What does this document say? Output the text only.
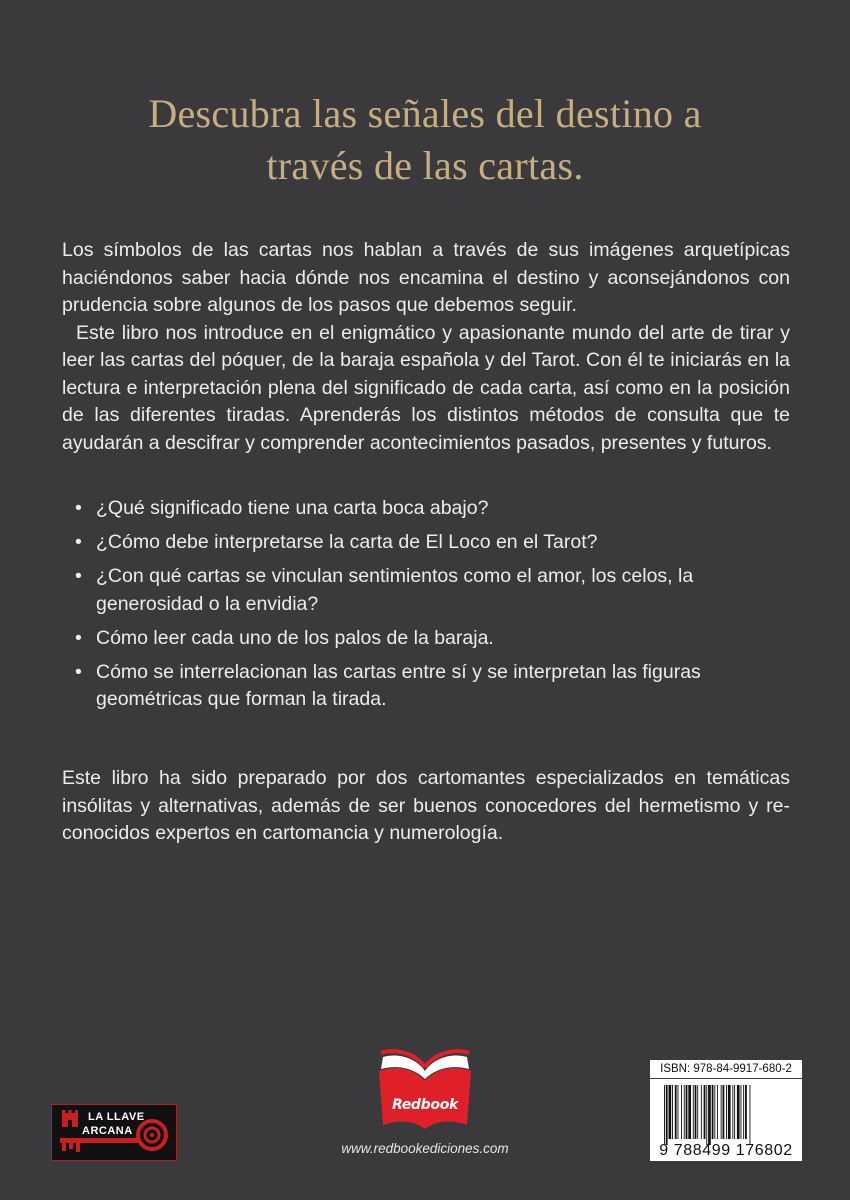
Descubra las señales del destino a
través de las cartas.

Los símbolos de las cartas nos hablan a través de sus imágenes arquetípicas haciéndonos saber hacia dónde nos encamina el destino y aconsejándonos con prudencia sobre algunos de los pasos que debemos seguir.

Este libro nos introduce en el enigmático y apasionante mundo del arte de tirar y leer las cartas del póquer, de la baraja española y del Tarot. Con él te iniciarás en la lectura e interpretación plena del significado de cada carta, así como en la posición de las diferentes tiradas. Aprenderás los distintos métodos de consulta que te ayudarán a descifrar y comprender acontecimientos pasados, presentes y futuros.

• ¿Qué significado tiene una carta boca abajo?
• ¿Cómo debe interpretarse la carta de El Loco en el Tarot?
• ¿Con qué cartas se vinculan sentimientos como el amor, los celos, la generosidad o la envidia?
• Cómo leer cada uno de los palos de la baraja.
• Cómo se interrelacionan las cartas entre sí y se interpretan las figuras geométricas que forman la tirada.

Este libro ha sido preparado por dos cartomantes especializados en temáticas insólitas y alternativas, además de ser buenos conocedores del hermetismo y re-conocidos expertos en cartomancia y numerología.

LA LLAVE
ARCANA
Redbook
www.redbookediciones.com
ISBN: 978-84-9917-680-2
9 788499 176802
